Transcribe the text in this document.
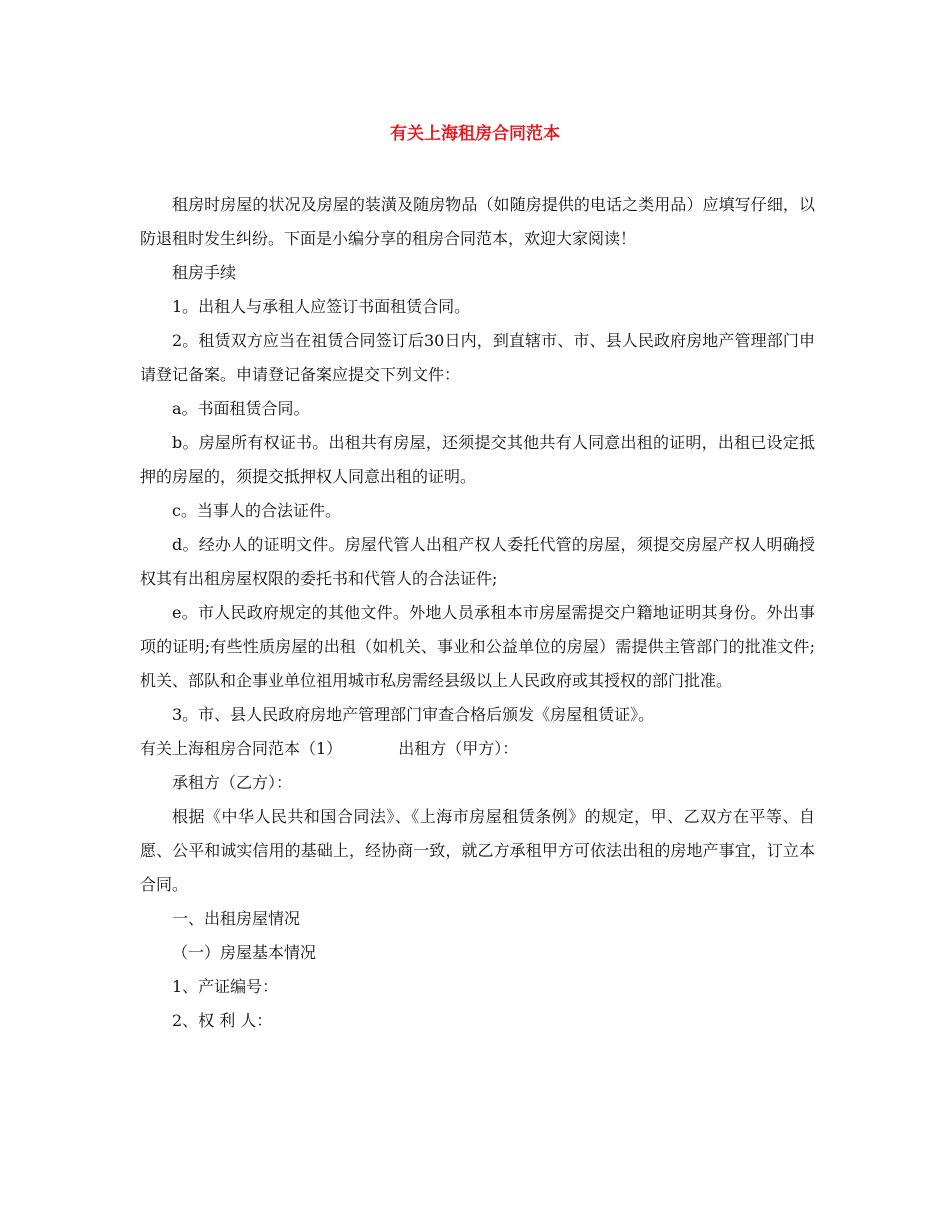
有关上海租房合同范本

租房时房屋的状况及房屋的装潢及随房物品（如随房提供的电话之类用品）应填写仔细，以防退租时发生纠纷。下面是小编分享的租房合同范本，欢迎大家阅读！

租房手续

1。出租人与承租人应签订书面租赁合同。

2。租赁双方应当在祖赁合同签订后30日内，到直辖市、市、县人民政府房地产管理部门申请登记备案。申请登记备案应提交下列文件：

a。书面租赁合同。

b。房屋所有权证书。出租共有房屋，还须提交其他共有人同意出租的证明，出租已设定抵押的房屋的，须提交抵押权人同意出租的证明。

c。当事人的合法证件。

d。经办人的证明文件。房屋代管人出租产权人委托代管的房屋，须提交房屋产权人明确授权其有出租房屋权限的委托书和代管人的合法证件;

e。市人民政府规定的其他文件。外地人员承租本市房屋需提交户籍地证明其身份。外出事项的证明;有些性质房屋的出租（如机关、事业和公益单位的房屋）需提供主管部门的批准文件;机关、部队和企事业单位祖用城市私房需经县级以上人民政府或其授权的部门批准。

3。市、县人民政府房地产管理部门审查合格后颁发《房屋租赁证》。

有关上海租房合同范本（1）	出租方（甲方）：

承租方（乙方）：

根据《中华人民共和国合同法》、《上海市房屋租赁条例》的规定，甲、乙双方在平等、自愿、公平和诚实信用的基础上，经协商一致，就乙方承租甲方可依法出租的房地产事宜，订立本合同。

一、出租房屋情况

（一）房屋基本情况

1、产证编号：

2、权 利 人：
